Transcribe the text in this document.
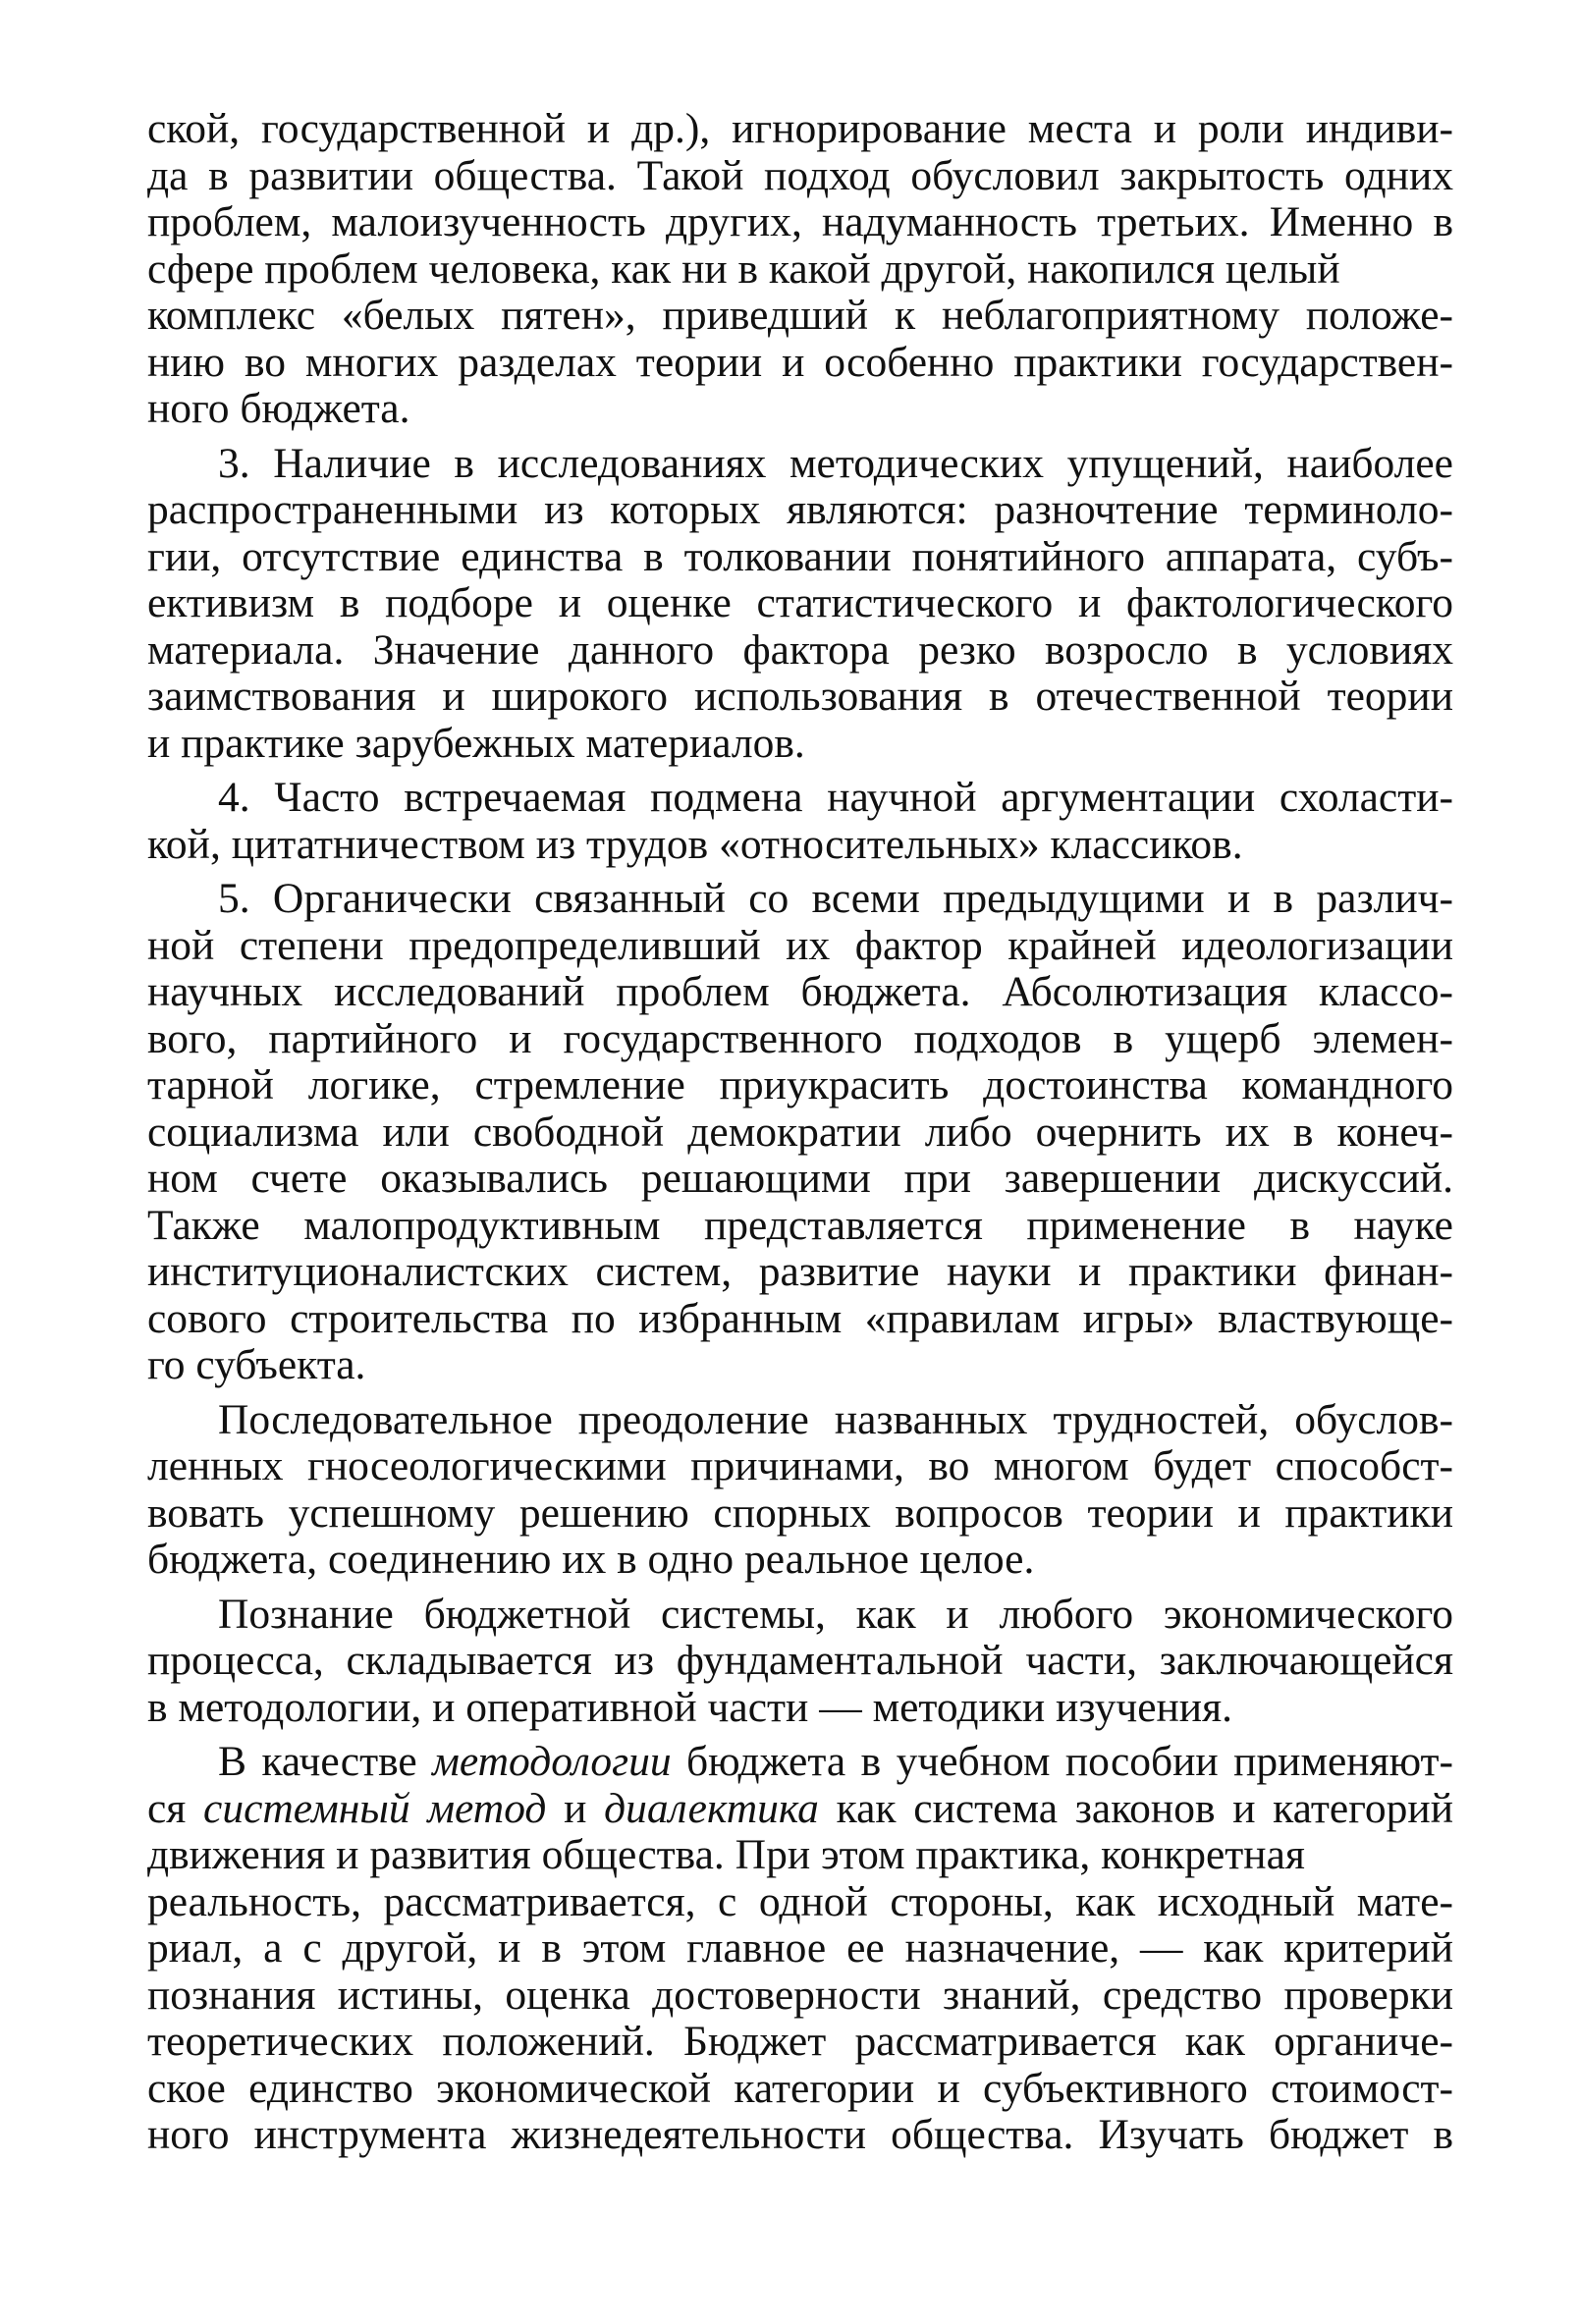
ской, государственной и др.), игнорирование места и роли индиви-
да в развитии общества. Такой подход обусловил закрытость одних
проблем, малоизученность других, надуманность третьих. Именно в
сфере проблем человека, как ни в какой другой, накопился целый
комплекс «белых пятен», приведший к неблагоприятному положе-
нию во многих разделах теории и особенно практики государствен-
ного бюджета.
3. Наличие в исследованиях методических упущений, наиболее
распространенными из которых являются: разночтение терминоло-
гии, отсутствие единства в толковании понятийного аппарата, субъ-
ективизм в подборе и оценке статистического и фактологического
материала. Значение данного фактора резко возросло в условиях
заимствования и широкого использования в отечественной теории
и практике зарубежных материалов.
4. Часто встречаемая подмена научной аргументации схоласти-
кой, цитатничеством из трудов «относительных» классиков.
5. Органически связанный со всеми предыдущими и в различ-
ной степени предопределивший их фактор крайней идеологизации
научных исследований проблем бюджета. Абсолютизация классо-
вого, партийного и государственного подходов в ущерб элемен-
тарной логике, стремление приукрасить достоинства командного
социализма или свободной демократии либо очернить их в конеч-
ном счете оказывались решающими при завершении дискуссий.
Также малопродуктивным представляется применение в науке
институционалистских систем, развитие науки и практики финан-
сового строительства по избранным «правилам игры» властвующе-
го субъекта.
Последовательное преодоление названных трудностей, обуслов-
ленных гносеологическими причинами, во многом будет способст-
вовать успешному решению спорных вопросов теории и практики
бюджета, соединению их в одно реальное целое.
Познание бюджетной системы, как и любого экономического
процесса, складывается из фундаментальной части, заключающейся
в методологии, и оперативной части — методики изучения.
В качестве методологии бюджета в учебном пособии применяют-
ся системный метод и диалектика как система законов и категорий
движения и развития общества. При этом практика, конкретная
реальность, рассматривается, с одной стороны, как исходный мате-
риал, а с другой, и в этом главное ее назначение, — как критерий
познания истины, оценка достоверности знаний, средство проверки
теоретических положений. Бюджет рассматривается как органиче-
ское единство экономической категории и субъективного стоимост-
ного инструмента жизнедеятельности общества. Изучать бюджет в
